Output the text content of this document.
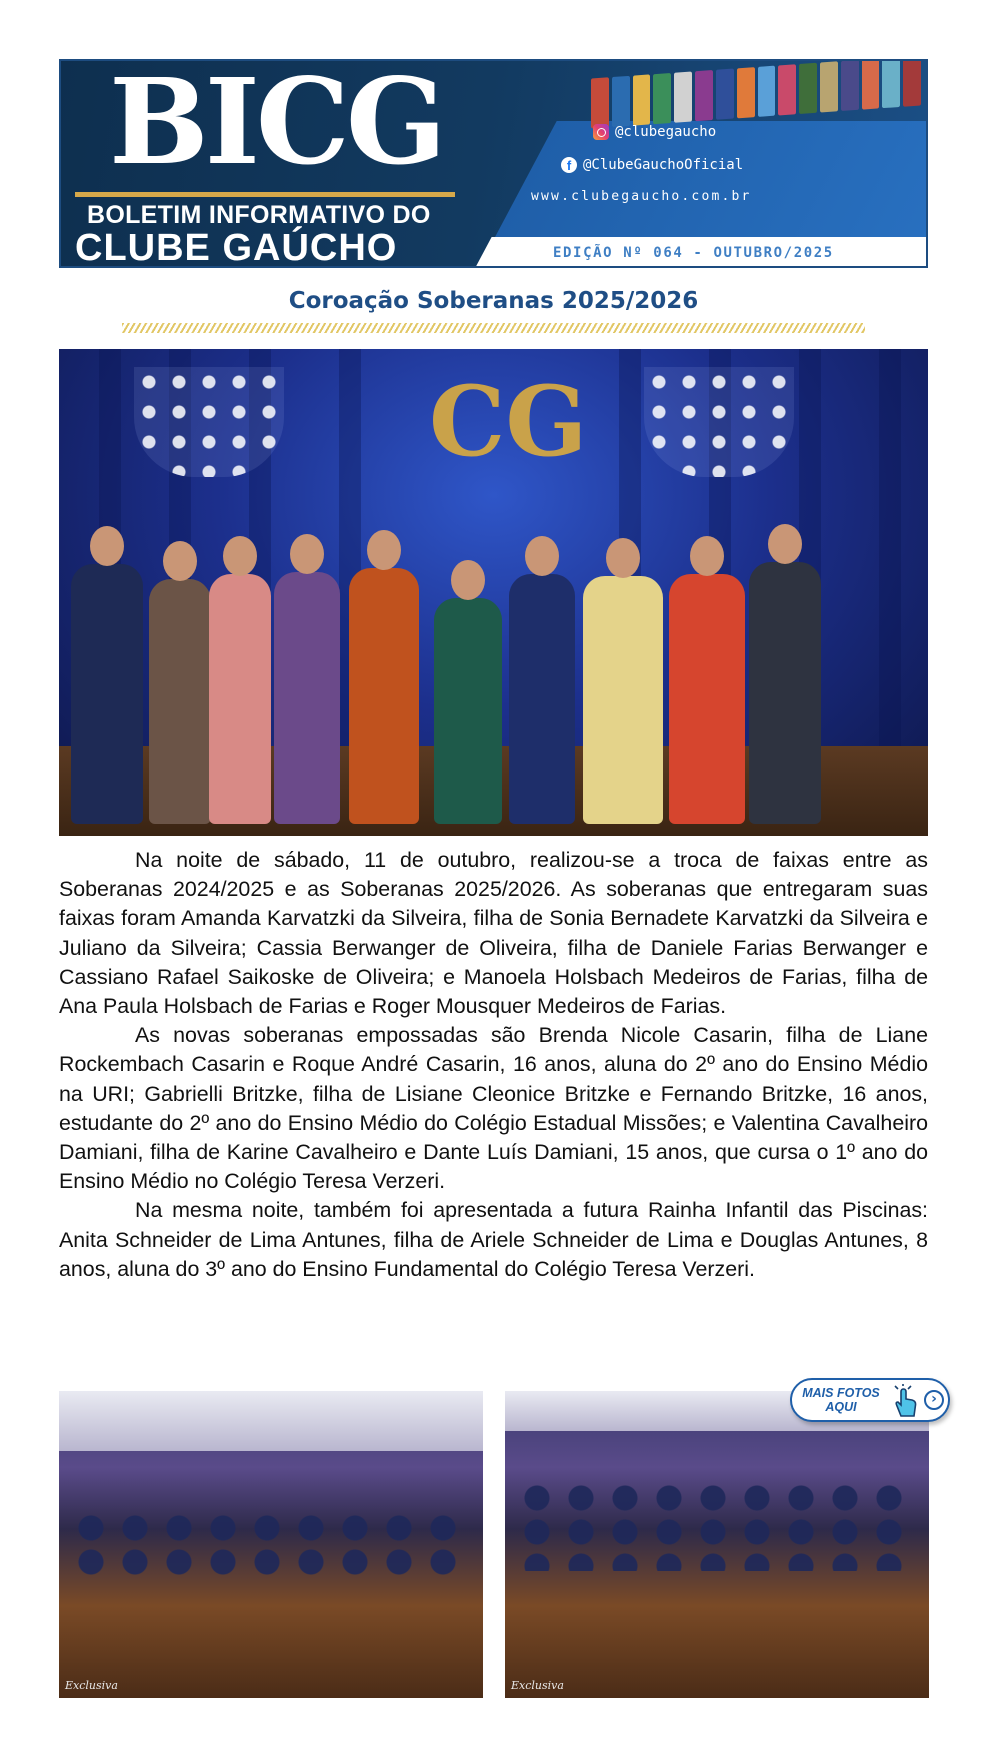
BICG
BOLETIM INFORMATIVO DO
CLUBE GAÚCHO
@clubegaucho
f @ClubeGauchoOficial
www.clubegaucho.com.br
EDIÇÃO Nº 064 - OUTUBRO/2025
Coroação Soberanas 2025/2026
CG

Na noite de sábado, 11 de outubro, realizou-se a troca de faixas entre as Soberanas 2024/2025 e as Soberanas 2025/2026. As soberanas que entregaram suas faixas foram Amanda Karvatzki da Silveira, filha de Sonia Bernadete Karvatzki da Silveira e Juliano da Silveira; Cassia Berwanger de Oliveira, filha de Daniele Farias Berwanger e Cassiano Rafael Saikoske de Oliveira; e Manoela Holsbach Medeiros de Farias, filha de Ana Paula Holsbach de Farias e Roger Mousquer Medeiros de Farias.

As novas soberanas empossadas são Brenda Nicole Casarin, filha de Liane Rockembach Casarin e Roque André Casarin, 16 anos, aluna do 2º ano do Ensino Médio na URI; Gabrielli Britzke, filha de Lisiane Cleonice Britzke e Fernando Britzke, 16 anos, estudante do 2º ano do Ensino Médio do Colégio Estadual Missões; e Valentina Cavalheiro Damiani, filha de Karine Cavalheiro e Dante Luís Damiani, 15 anos, que cursa o 1º ano do Ensino Médio no Colégio Teresa Verzeri.

Na mesma noite, também foi apresentada a futura Rainha Infantil das Piscinas: Anita Schneider de Lima Antunes, filha de Ariele Schneider de Lima e Douglas Antunes, 8 anos, aluna do 3º ano do Ensino Fundamental do Colégio Teresa Verzeri.

Exclusiva	Exclusiva
MAIS FOTOS AQUI	›
